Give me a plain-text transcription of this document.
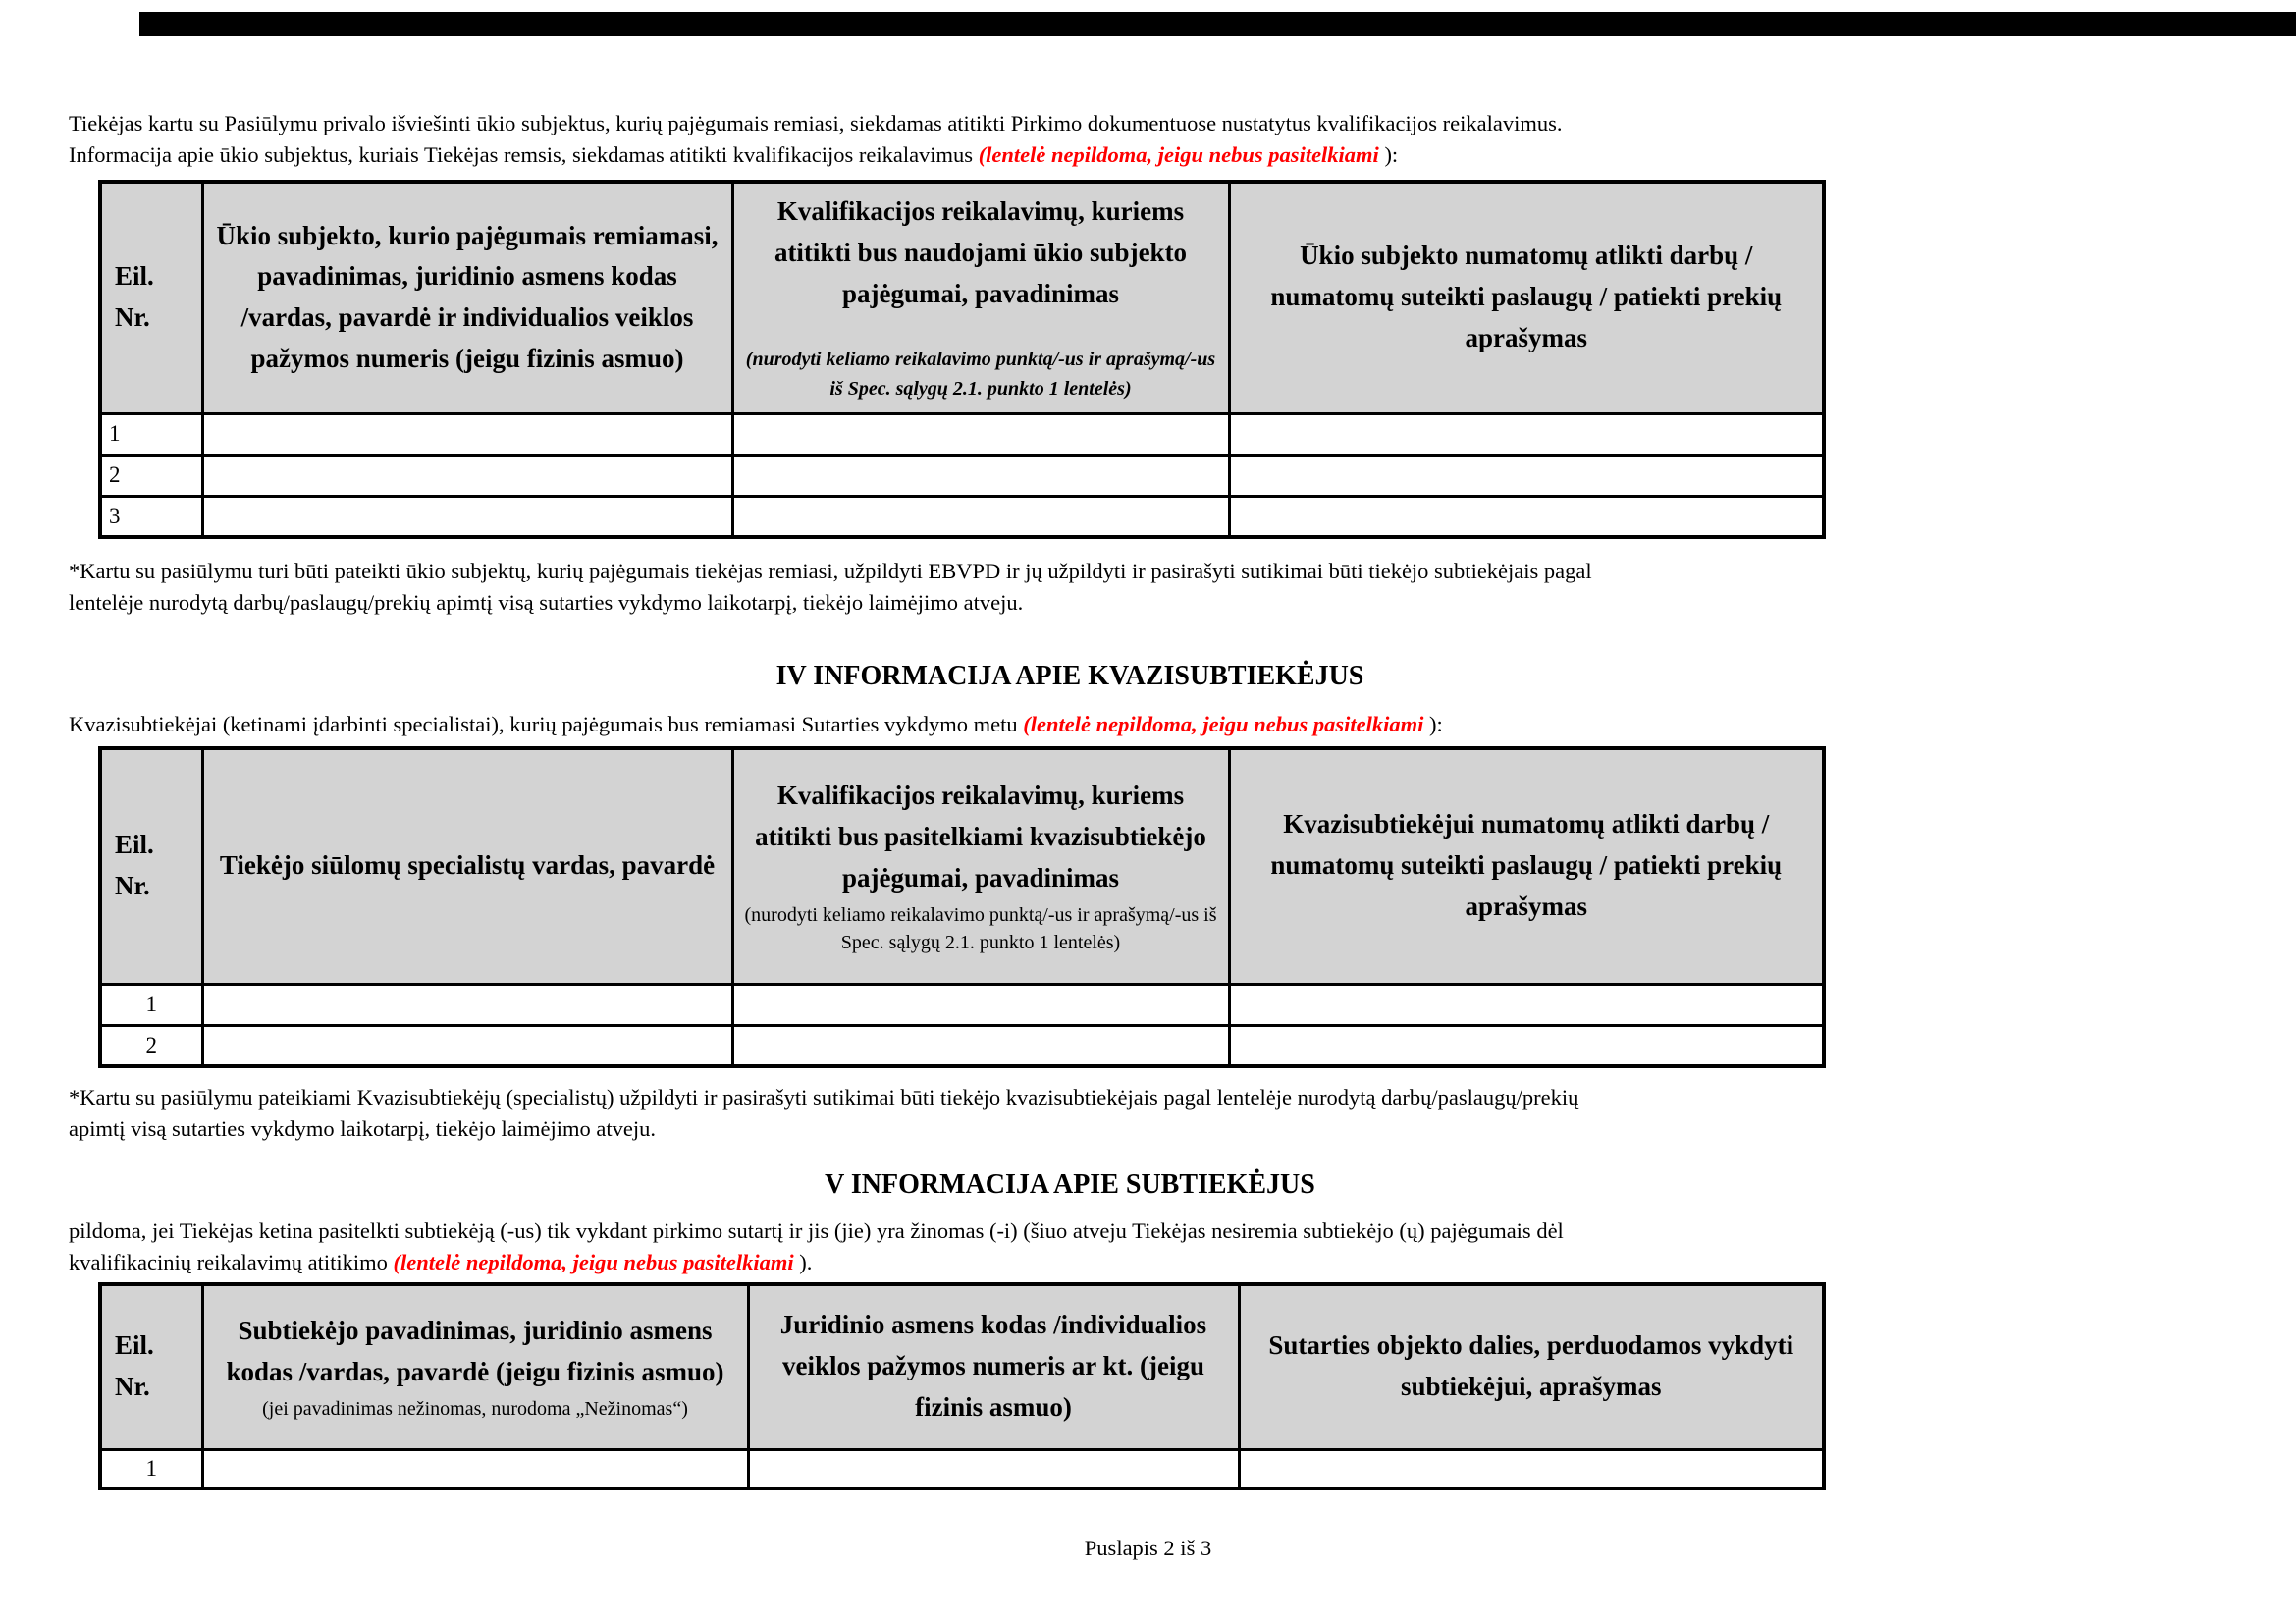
Tiekėjas kartu su Pasiūlymu privalo išviešinti ūkio subjektus, kurių pajėgumais remiasi, siekdamas atitikti Pirkimo dokumentuose nustatytus kvalifikacijos reikalavimus.
Informacija apie ūkio subjektus, kuriais Tiekėjas remsis, siekdamas atitikti kvalifikacijos reikalavimus (lentelė nepildoma, jeigu nebus pasitelkiami ):
Eil. Nr.	Ūkio subjekto, kurio pajėgumais remiamasi, pavadinimas, juridinio asmens kodas /vardas, pavardė ir individualios veiklos pažymos numeris (jeigu fizinis asmuo)	Kvalifikacijos reikalavimų, kuriems atitikti bus naudojami ūkio subjekto pajėgumai, pavadinimas
(nurodyti keliamo reikalavimo punktą/-us ir aprašymą/-us iš Spec. sąlygų 2.1. punkto 1 lentelės)	Ūkio subjekto numatomų atlikti darbų / numatomų suteikti paslaugų / patiekti prekių aprašymas
1			
2			
3			
*Kartu su pasiūlymu turi būti pateikti ūkio subjektų, kurių pajėgumais tiekėjas remiasi, užpildyti EBVPD ir jų užpildyti ir pasirašyti sutikimai būti tiekėjo subtiekėjais pagal
lentelėje nurodytą darbų/paslaugų/prekių apimtį visą sutarties vykdymo laikotarpį, tiekėjo laimėjimo atveju.
IV INFORMACIJA APIE KVAZISUBTIEKĖJUS
Kvazisubtiekėjai (ketinami įdarbinti specialistai), kurių pajėgumais bus remiamasi Sutarties vykdymo metu (lentelė nepildoma, jeigu nebus pasitelkiami ):
Eil. Nr.	Tiekėjo siūlomų specialistų vardas, pavardė	Kvalifikacijos reikalavimų, kuriems atitikti bus pasitelkiami kvazisubtiekėjo pajėgumai, pavadinimas
(nurodyti keliamo reikalavimo punktą/-us ir aprašymą/-us iš Spec. sąlygų 2.1. punkto 1 lentelės)	Kvazisubtiekėjui numatomų atlikti darbų / numatomų suteikti paslaugų / patiekti prekių aprašymas
1			
2			
*Kartu su pasiūlymu pateikiami Kvazisubtiekėjų (specialistų) užpildyti ir pasirašyti sutikimai būti tiekėjo kvazisubtiekėjais pagal lentelėje nurodytą darbų/paslaugų/prekių
apimtį visą sutarties vykdymo laikotarpį, tiekėjo laimėjimo atveju.
V INFORMACIJA APIE SUBTIEKĖJUS
pildoma, jei Tiekėjas ketina pasitelkti subtiekėją (-us) tik vykdant pirkimo sutartį ir jis (jie) yra žinomas (-i) (šiuo atveju Tiekėjas nesiremia subtiekėjo (ų) pajėgumais dėl
kvalifikacinių reikalavimų atitikimo (lentelė nepildoma, jeigu nebus pasitelkiami ).
Eil. Nr.	Subtiekėjo pavadinimas, juridinio asmens kodas /vardas, pavardė (jeigu fizinis asmuo)
(jei pavadinimas nežinomas, nurodoma „Nežinomas“)	Juridinio asmens kodas /individualios veiklos pažymos numeris ar kt. (jeigu fizinis asmuo)	Sutarties objekto dalies, perduodamos vykdyti subtiekėjui, aprašymas
1			
Puslapis 2 iš 3
